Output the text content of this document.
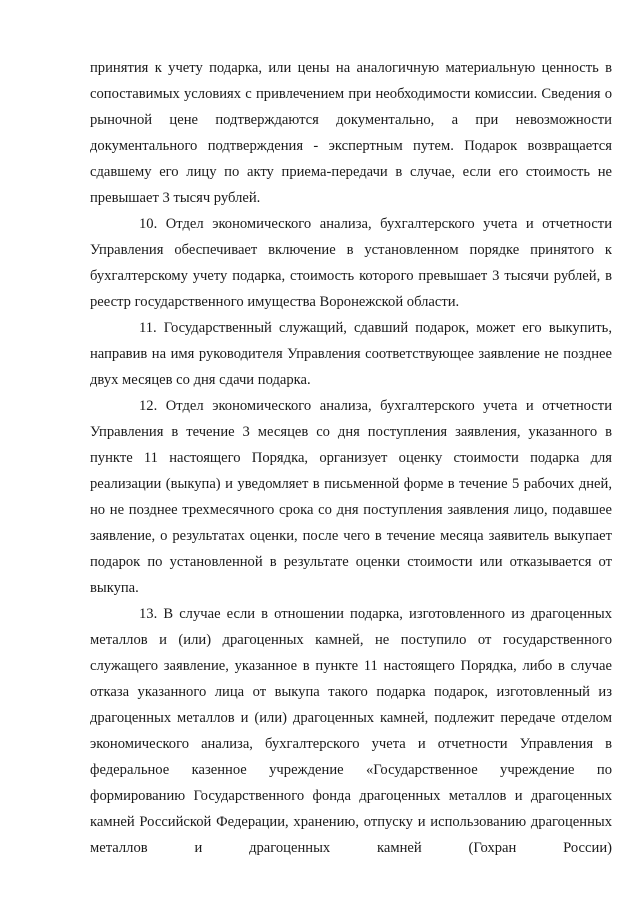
принятия к учету подарка, или цены на аналогичную материальную ценность в сопоставимых условиях с привлечением при необходимости комиссии. Сведения о рыночной цене подтверждаются документально, а при невозможности документального подтверждения - экспертным путем. Подарок возвращается сдавшему его лицу по акту приема-передачи в случае, если его стоимость не превышает 3 тысяч рублей.

10. Отдел экономического анализа, бухгалтерского учета и отчетности Управления обеспечивает включение в установленном порядке принятого к бухгалтерскому учету подарка, стоимость которого превышает 3 тысячи рублей, в реестр государственного имущества Воронежской области.

11. Государственный служащий, сдавший подарок, может его выкупить, направив на имя руководителя Управления соответствующее заявление не позднее двух месяцев со дня сдачи подарка.

12. Отдел экономического анализа, бухгалтерского учета и отчетности Управления в течение 3 месяцев со дня поступления заявления, указанного в пункте 11 настоящего Порядка, организует оценку стоимости подарка для реализации (выкупа) и уведомляет в письменной форме в течение 5 рабочих дней, но не позднее трехмесячного срока со дня поступления заявления лицо, подавшее заявление, о результатах оценки, после чего в течение месяца заявитель выкупает подарок по установленной в результате оценки стоимости или отказывается от выкупа.

13. В случае если в отношении подарка, изготовленного из драгоценных металлов и (или) драгоценных камней, не поступило от государственного служащего заявление, указанное в пункте 11 настоящего Порядка, либо в случае отказа указанного лица от выкупа такого подарка подарок, изготовленный из драгоценных металлов и (или) драгоценных камней, подлежит передаче отделом экономического анализа, бухгалтерского учета и отчетности Управления в федеральное казенное учреждение «Государственное учреждение по формированию Государственного фонда драгоценных металлов и драгоценных камней Российской Федерации, хранению, отпуску и использованию драгоценных металлов и драгоценных камней (Гохран России)
